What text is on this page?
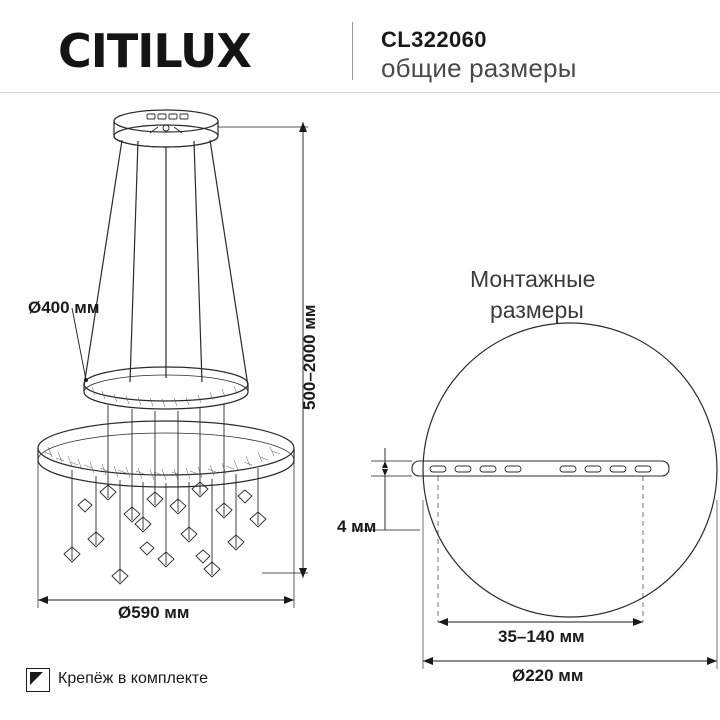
CITILUX	CL322060
общие размеры
Ø400 мм	500–2000 мм
Ø590 мм
Монтажные
размеры
4 мм
35–140 мм
Ø220 мм
Крепёж в комплекте
